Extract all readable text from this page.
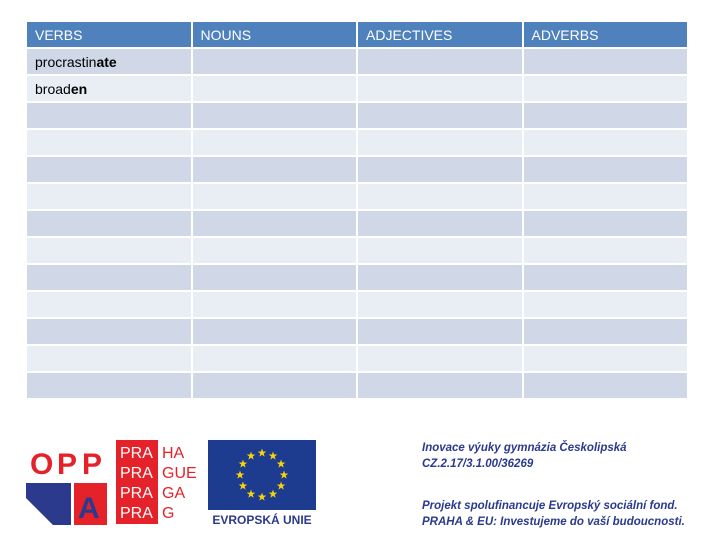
VERBS	NOUNS	ADJECTIVES	ADVERBS
procrastinate			
broaden			

O P P
A
PRA
PRA
PRA
PRA
HA
GUE
GA
G	EVROPSKÁ UNIE
Inovace výuky gymnázia Českolipská
CZ.2.17/3.1.00/36269
Projekt spolufinancuje Evropský sociální fond.
PRAHA & EU: Investujeme do vaší budoucnosti.
